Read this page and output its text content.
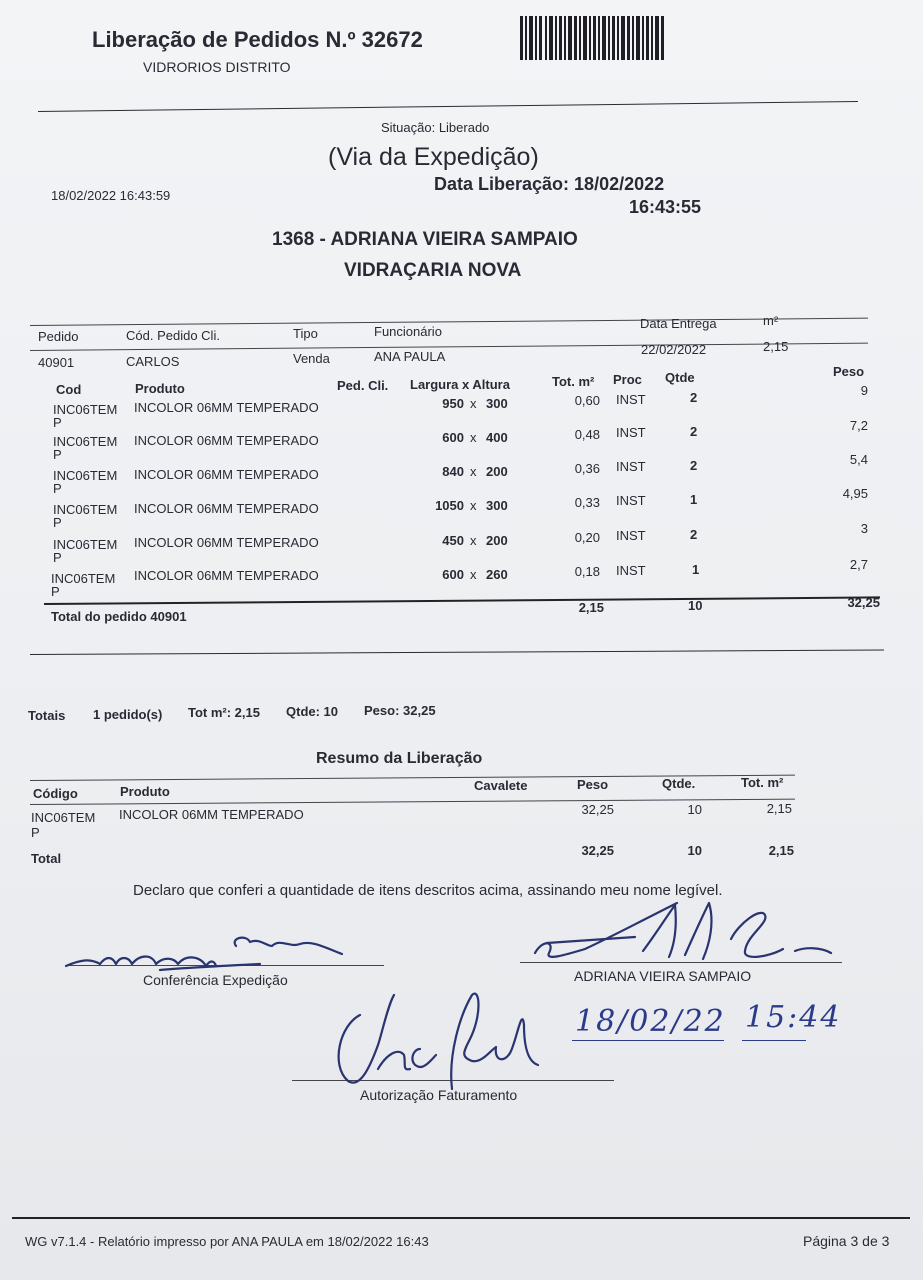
Liberação de Pedidos N.º 32672
VIDRORIOS DISTRITO
Situação: Liberado
(Via da Expedição)
18/02/2022 16:43:59
Data Liberação: 18/02/2022
16:43:55
1368 - ADRIANA VIEIRA SAMPAIO
VIDRAÇARIA NOVA
Pedido	Cód. Pedido Cli.	Tipo	Funcionário
Data Entrega	m²
40901	CARLOS	Venda	ANA PAULA	22/02/2022	2,15
Cod	Produto	Ped. Cli. Largura x Altura	Tot. m² Proc Qtde	Peso
INC06TEM
P
INCOLOR 06MM TEMPERADO	950 x 300	0,60 INST	2	9
INC06TEM
P
INCOLOR 06MM TEMPERADO	600 x 400	0,48 INST	2	7,2
INC06TEM
P
INCOLOR 06MM TEMPERADO	840 x 200	0,36 INST	2	5,4
INC06TEM
P
INCOLOR 06MM TEMPERADO	1050 x 300	0,33 INST	1	4,95
INC06TEM
P
INCOLOR 06MM TEMPERADO	450 x 200	0,20 INST	2	3
INC06TEM
P
INCOLOR 06MM TEMPERADO	600 x 260	0,18 INST	1	2,7
Total do pedido 40901
2,15	10	32,25
Totais 1 pedido(s) Tot m²: 2,15 Qtde: 10 Peso: 32,25
Resumo da Liberação
Código	Produto	Cavalete	Peso	Qtde.	Tot. m²
INC06TEM
P
INCOLOR 06MM TEMPERADO	32,25	10	2,15
Total
32,25	10	2,15
Declaro que conferi a quantidade de itens descritos acima, assinando meu nome legível.
Conferência Expedição	ADRIANA VIEIRA SAMPAIO
Autorização Faturamento
18/02/22 15:44
WG v7.1.4 - Relatório impresso por ANA PAULA em 18/02/2022 16:43	Página 3 de 3
